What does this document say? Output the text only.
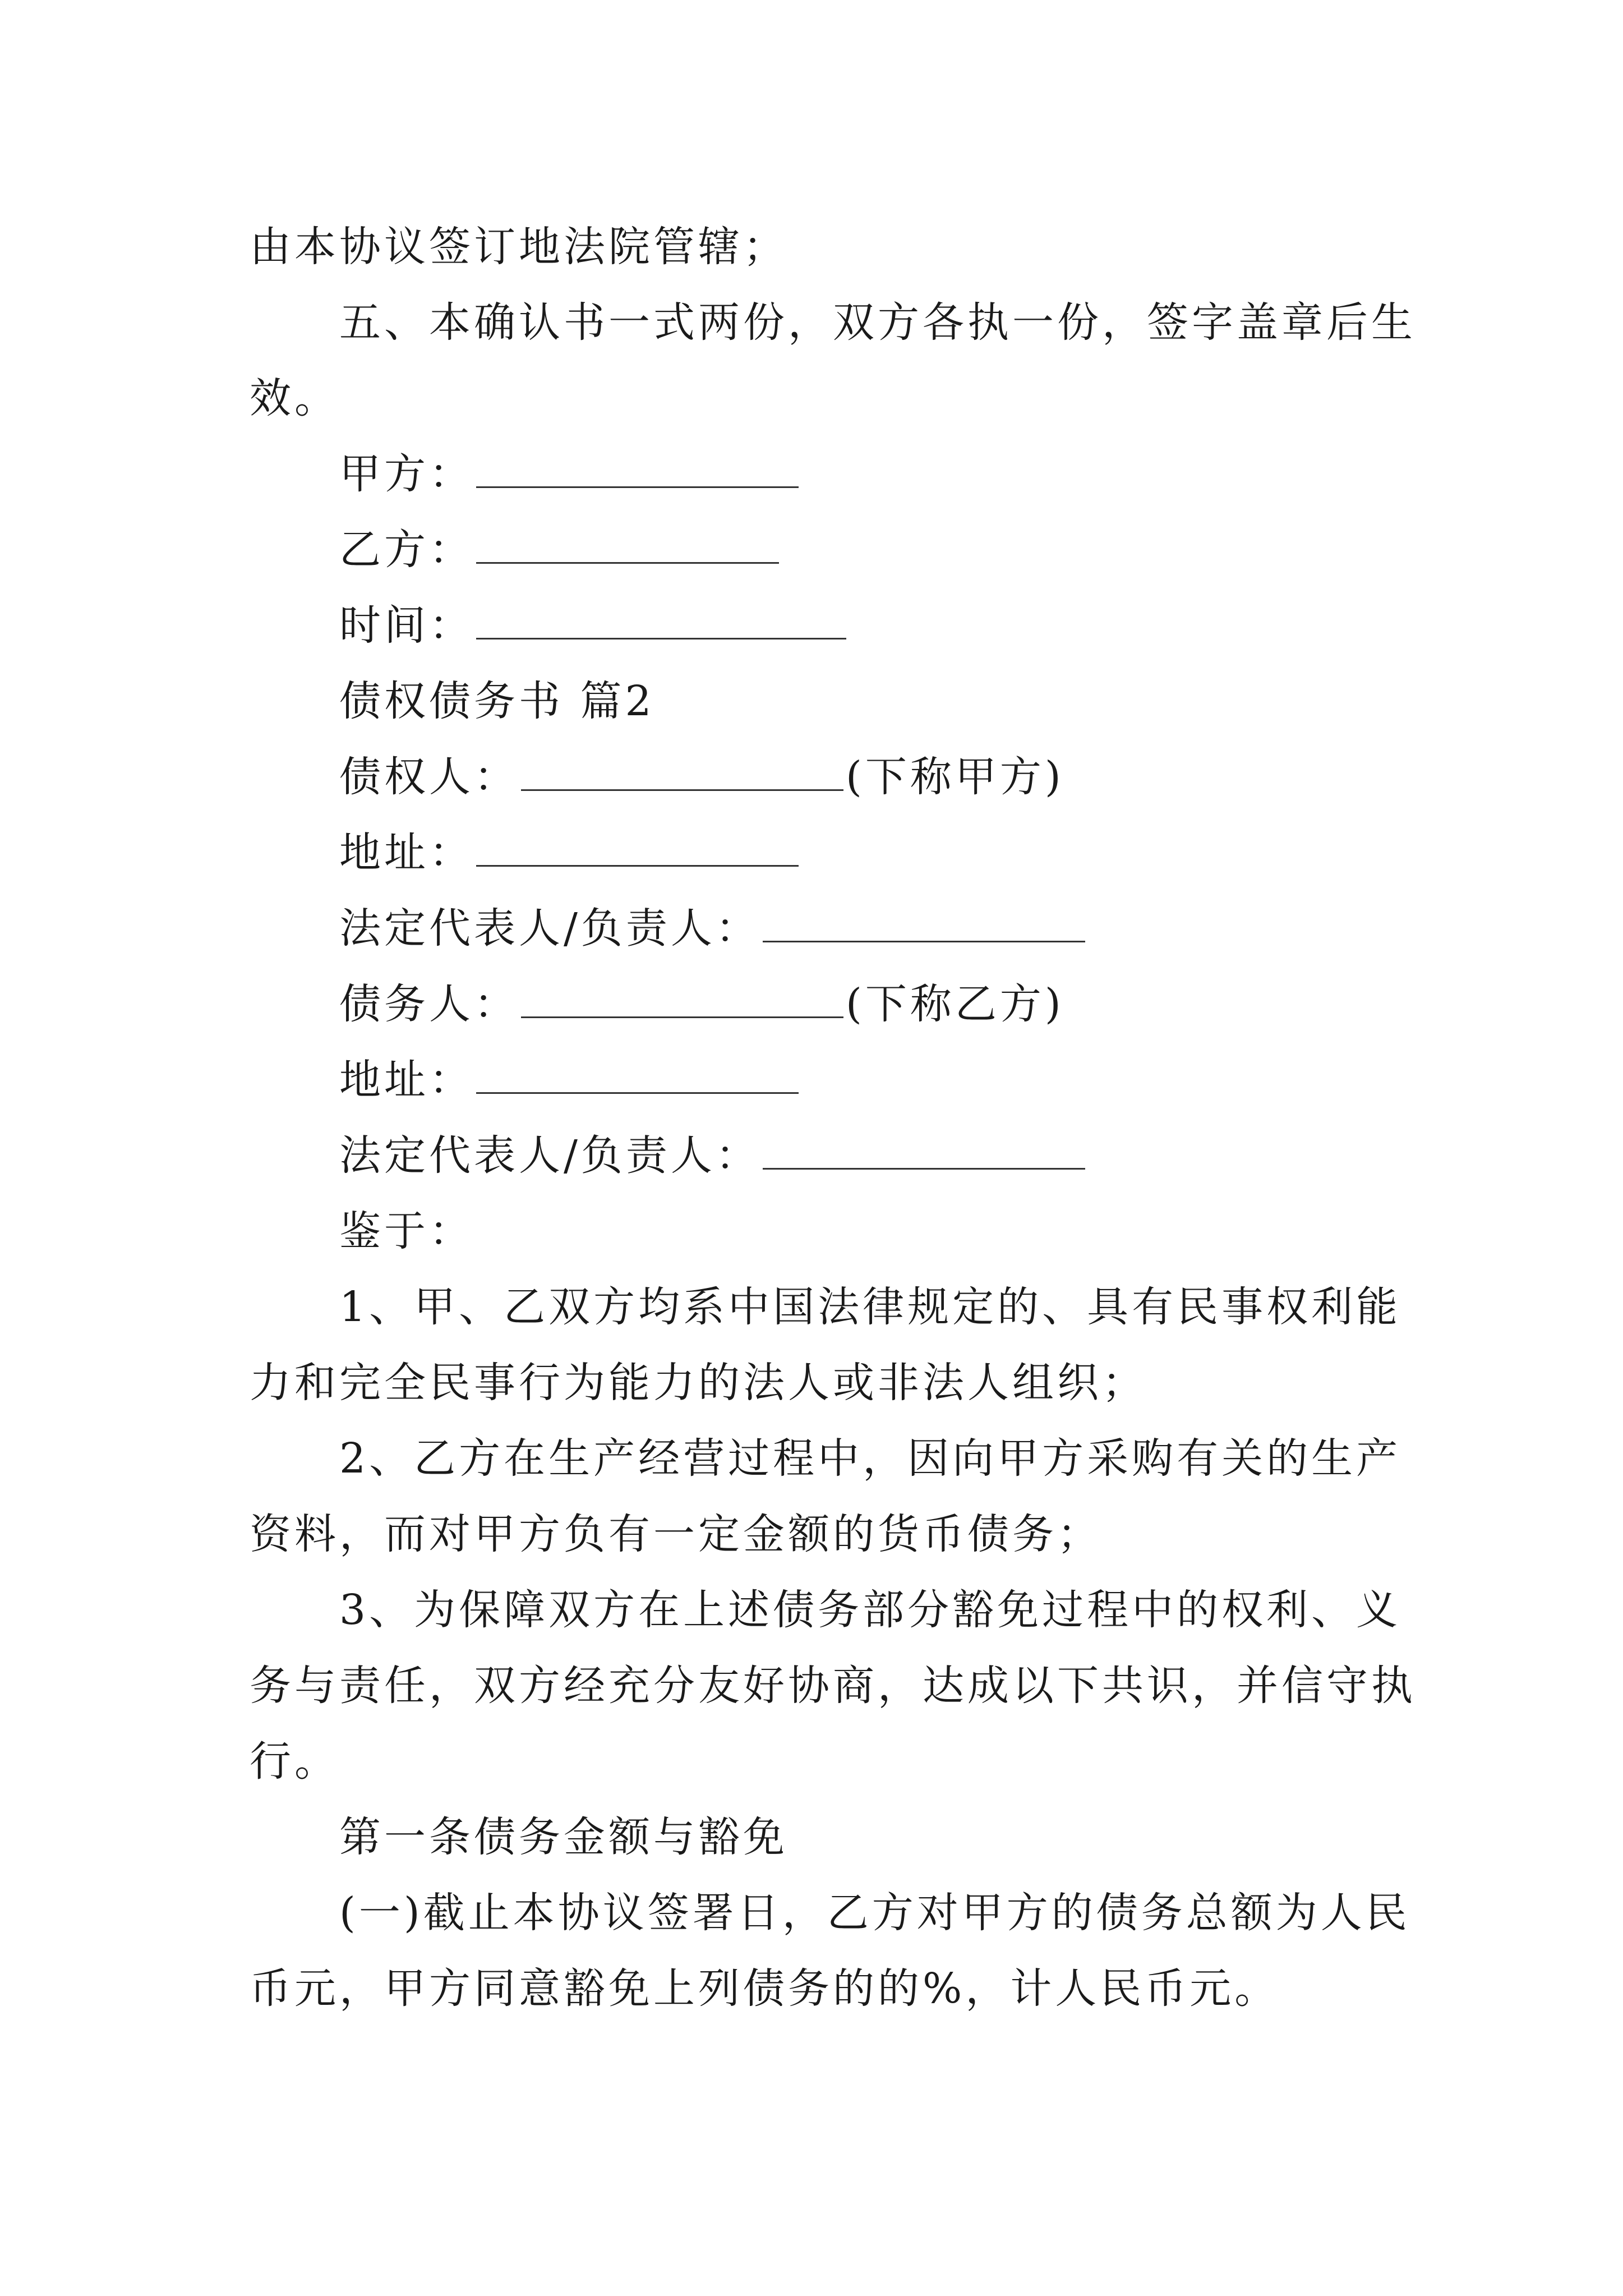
由本协议签订地法院管辖；
五、本确认书一式两份，双方各执一份，签字盖章后生
效。
甲方：
乙方：
时间：
债权债务书 篇2
债权人：	(下称甲方)
地址：
法定代表人/负责人：
债务人：	(下称乙方)
地址：
法定代表人/负责人：
鉴于：
1、甲、乙双方均系中国法律规定的、具有民事权利能
力和完全民事行为能力的法人或非法人组织；
2、乙方在生产经营过程中，因向甲方采购有关的生产
资料，而对甲方负有一定金额的货币债务；
3、为保障双方在上述债务部分豁免过程中的权利、义
务与责任，双方经充分友好协商，达成以下共识，并信守执
行。
第一条债务金额与豁免
(一)截止本协议签署日，乙方对甲方的债务总额为人民
币元，甲方同意豁免上列债务的的%，计人民币元。
